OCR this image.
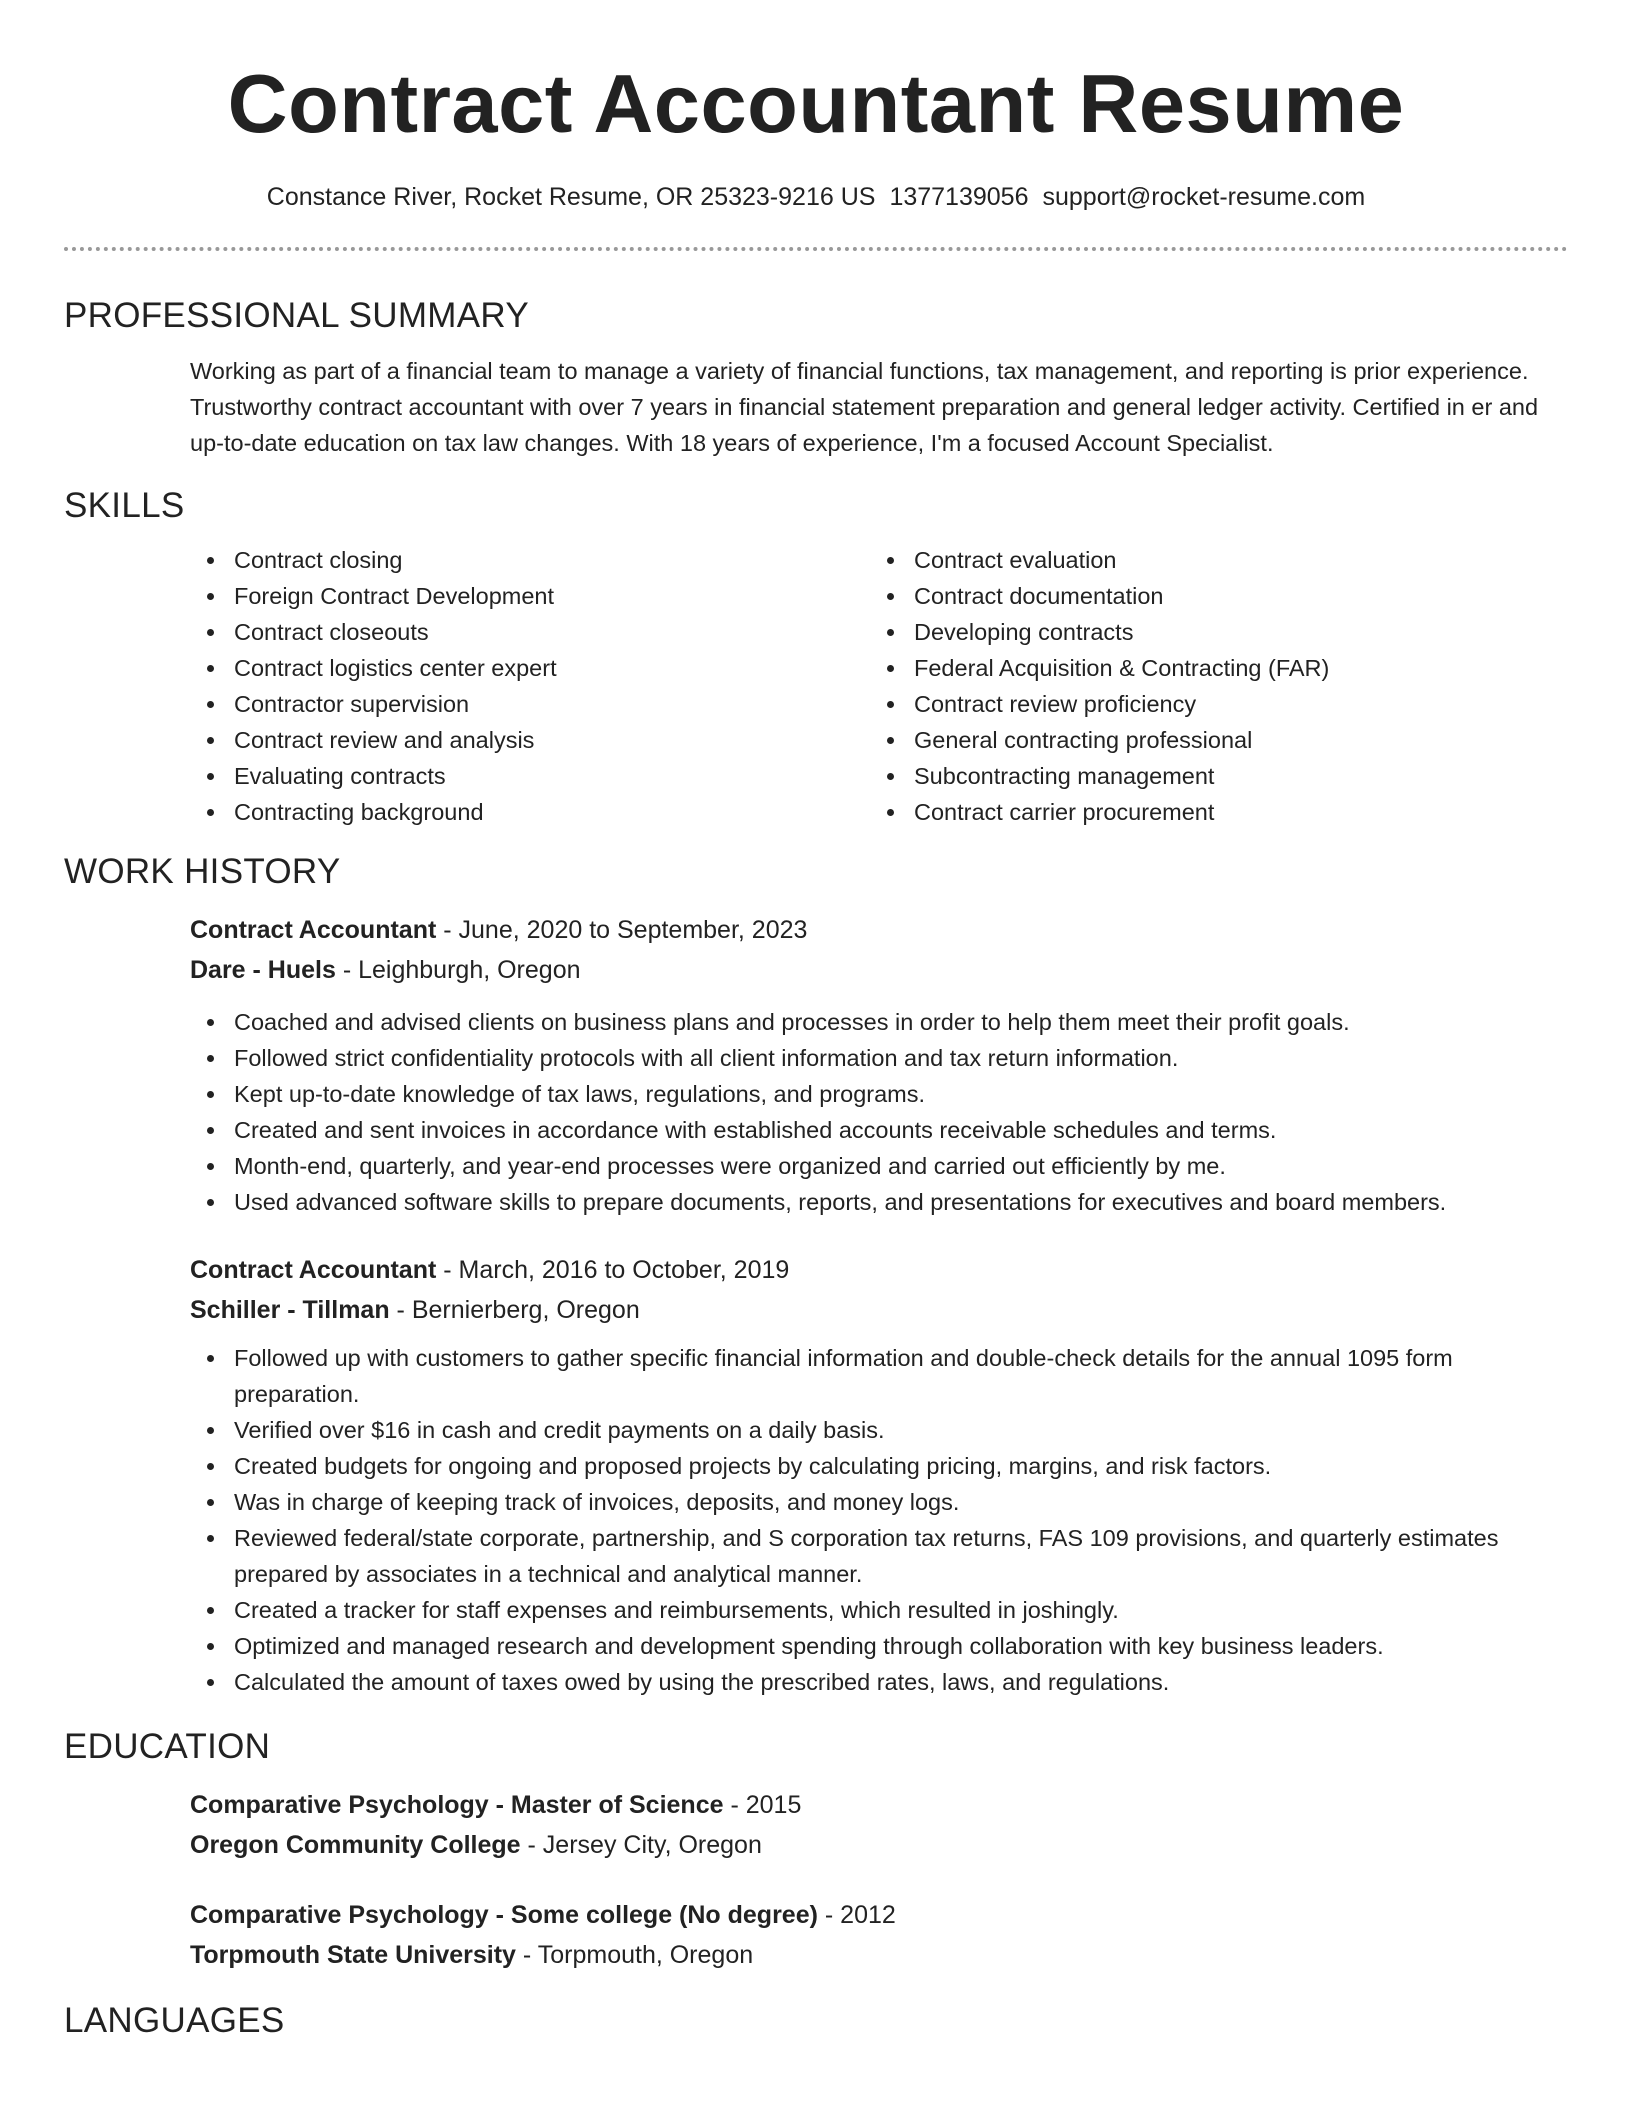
Contract Accountant Resume
Constance River, Rocket Resume, OR 25323-9216 US 1377139056 support@rocket-resume.com
PROFESSIONAL SUMMARY

Working as part of a financial team to manage a variety of financial functions, tax management, and reporting is prior experience. Trustworthy contract accountant with over 7 years in financial statement preparation and general ledger activity. Certified in er and up-to-date education on tax law changes. With 18 years of experience, I'm a focused Account Specialist.

SKILLS
Contract closing
Foreign Contract Development
Contract closeouts
Contract logistics center expert
Contractor supervision
Contract review and analysis
Evaluating contracts
Contracting background
Contract evaluation
Contract documentation
Developing contracts
Federal Acquisition & Contracting (FAR)
Contract review proficiency
General contracting professional
Subcontracting management
Contract carrier procurement
WORK HISTORY
Contract Accountant - June, 2020 to September, 2023
Dare - Huels - Leighburgh, Oregon
Coached and advised clients on business plans and processes in order to help them meet their profit goals.
Followed strict confidentiality protocols with all client information and tax return information.
Kept up-to-date knowledge of tax laws, regulations, and programs.
Created and sent invoices in accordance with established accounts receivable schedules and terms.
Month-end, quarterly, and year-end processes were organized and carried out efficiently by me.
Used advanced software skills to prepare documents, reports, and presentations for executives and board members.
Contract Accountant - March, 2016 to October, 2019
Schiller - Tillman - Bernierberg, Oregon
Followed up with customers to gather specific financial information and double-check details for the annual 1095 form preparation.
Verified over $16 in cash and credit payments on a daily basis.
Created budgets for ongoing and proposed projects by calculating pricing, margins, and risk factors.
Was in charge of keeping track of invoices, deposits, and money logs.
Reviewed federal/state corporate, partnership, and S corporation tax returns, FAS 109 provisions, and quarterly estimates prepared by associates in a technical and analytical manner.
Created a tracker for staff expenses and reimbursements, which resulted in joshingly.
Optimized and managed research and development spending through collaboration with key business leaders.
Calculated the amount of taxes owed by using the prescribed rates, laws, and regulations.
EDUCATION
Comparative Psychology - Master of Science - 2015
Oregon Community College - Jersey City, Oregon
Comparative Psychology - Some college (No degree) - 2012
Torpmouth State University - Torpmouth, Oregon
LANGUAGES
